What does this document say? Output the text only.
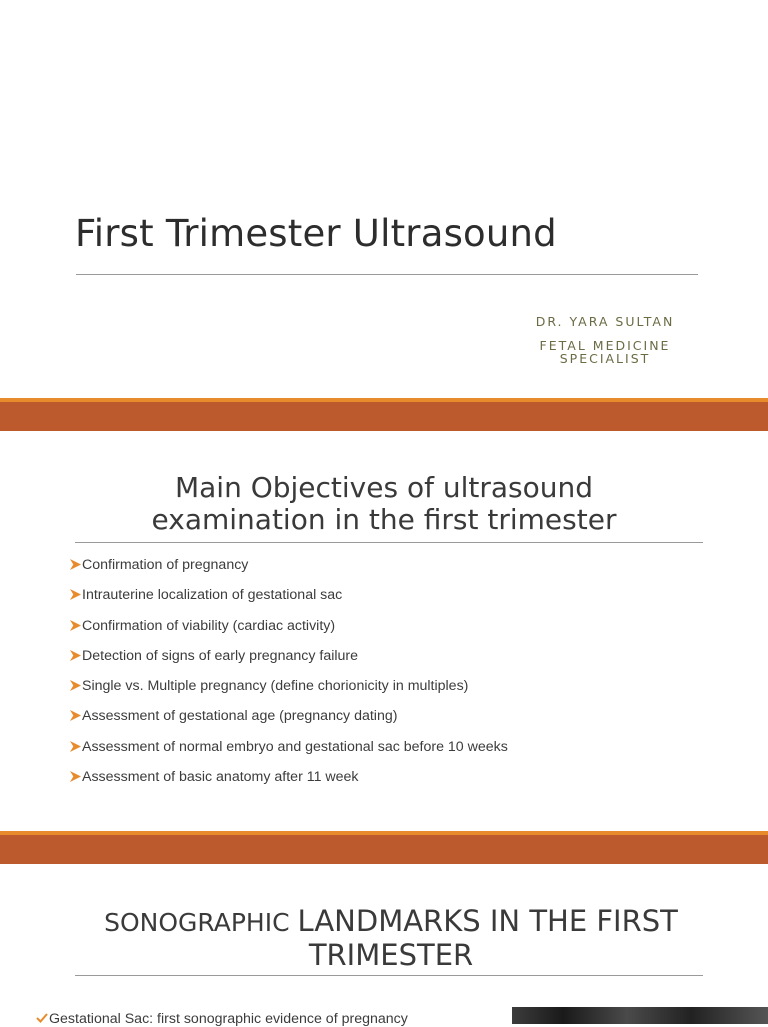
First Trimester Ultrasound
DR. YARA SULTAN
FETAL MEDICINE
SPECIALIST
Main Objectives of ultrasound
examination in the first trimester
Confirmation of pregnancy
Intrauterine localization of gestational sac
Confirmation of viability (cardiac activity)
Detection of signs of early pregnancy failure
Single vs. Multiple pregnancy (define chorionicity in multiples)
Assessment of gestational age (pregnancy dating)
Assessment of normal embryo and gestational sac before 10 weeks
Assessment of basic anatomy after 11 week
SONOGRAPHIC LANDMARKS IN THE FIRST
TRIMESTER
Gestational Sac: first sonographic evidence of pregnancy
